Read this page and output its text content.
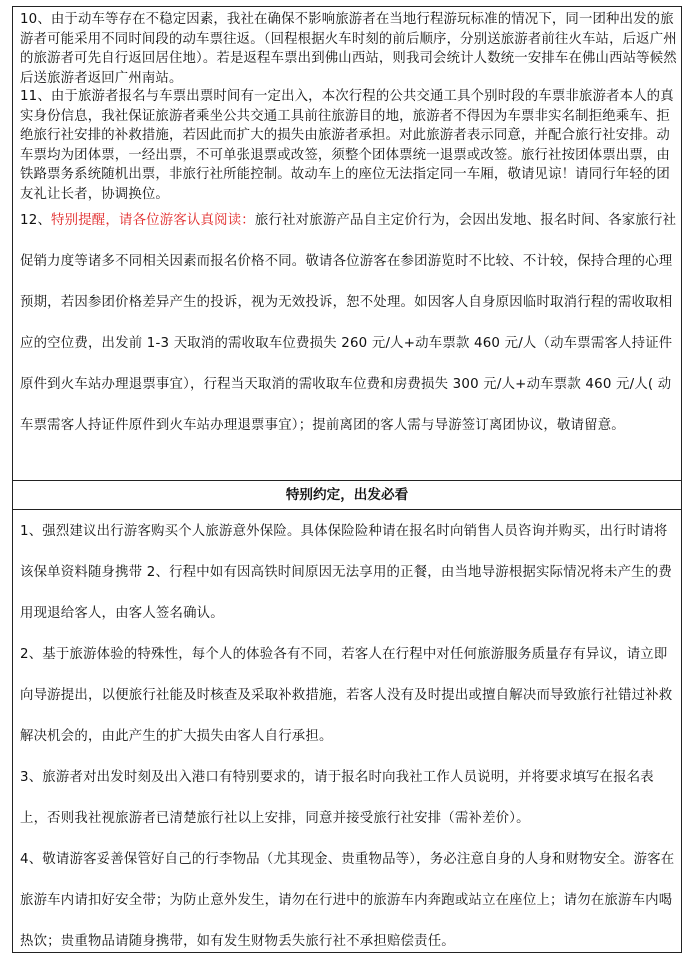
10、由于动车等存在不稳定因素，我社在确保不影响旅游者在当地行程游玩标准的情况下，同一团种出发的旅游者可能采用不同时间段的动车票往返。（回程根据火车时刻的前后顺序，分别送旅游者前往火车站，后返广州的旅游者可先自行返回居住地）。若是返程车票出到佛山西站，则我司会统计人数统一安排车在佛山西站等候然后送旅游者返回广州南站。

11、由于旅游者报名与车票出票时间有一定出入，本次行程的公共交通工具个别时段的车票非旅游者本人的真实身份信息，我社保证旅游者乘坐公共交通工具前往旅游目的地，旅游者不得因为车票非实名制拒绝乘车、拒绝旅行社安排的补救措施，若因此而扩大的损失由旅游者承担。对此旅游者表示同意，并配合旅行社安排。动车票均为团体票，一经出票，不可单张退票或改签，须整个团体票统一退票或改签。旅行社按团体票出票，由铁路票务系统随机出票，非旅行社所能控制。故动车上的座位无法指定同一车厢，敬请见谅！请同行年轻的团友礼让长者，协调换位。

12、特别提醒，请各位游客认真阅读：旅行社对旅游产品自主定价行为，会因出发地、报名时间、各家旅行社促销力度等诸多不同相关因素而报名价格不同。敬请各位游客在参团游览时不比较、不计较，保持合理的心理预期，若因参团价格差异产生的投诉，视为无效投诉，恕不处理。如因客人自身原因临时取消行程的需收取相应的空位费，出发前 1-3 天取消的需收取车位费损失 260 元/人+动车票款 460 元/人（动车票需客人持证件原件到火车站办理退票事宜），行程当天取消的需收取车位费和房费损失 300 元/人+动车票款 460 元/人( 动车票需客人持证件原件到火车站办理退票事宜）；提前离团的客人需与导游签订离团协议，敬请留意。

特别约定，出发必看

1、强烈建议出行游客购买个人旅游意外保险。具体保险险种请在报名时向销售人员咨询并购买，出行时请将该保单资料随身携带 2、行程中如有因高铁时间原因无法享用的正餐，由当地导游根据实际情况将未产生的费用现退给客人，由客人签名确认。

2、基于旅游体验的特殊性，每个人的体验各有不同，若客人在行程中对任何旅游服务质量存有异议，请立即向导游提出，以便旅行社能及时核查及采取补救措施，若客人没有及时提出或擅自解决而导致旅行社错过补救解决机会的，由此产生的扩大损失由客人自行承担。

3、旅游者对出发时刻及出入港口有特别要求的，请于报名时向我社工作人员说明，并将要求填写在报名表上，否则我社视旅游者已清楚旅行社以上安排，同意并接受旅行社安排（需补差价）。

4、敬请游客妥善保管好自己的行李物品（尤其现金、贵重物品等），务必注意自身的人身和财物安全。游客在旅游车内请扣好安全带；为防止意外发生，请勿在行进中的旅游车内奔跑或站立在座位上；请勿在旅游车内喝热饮；贵重物品请随身携带，如有发生财物丢失旅行社不承担赔偿责任。
